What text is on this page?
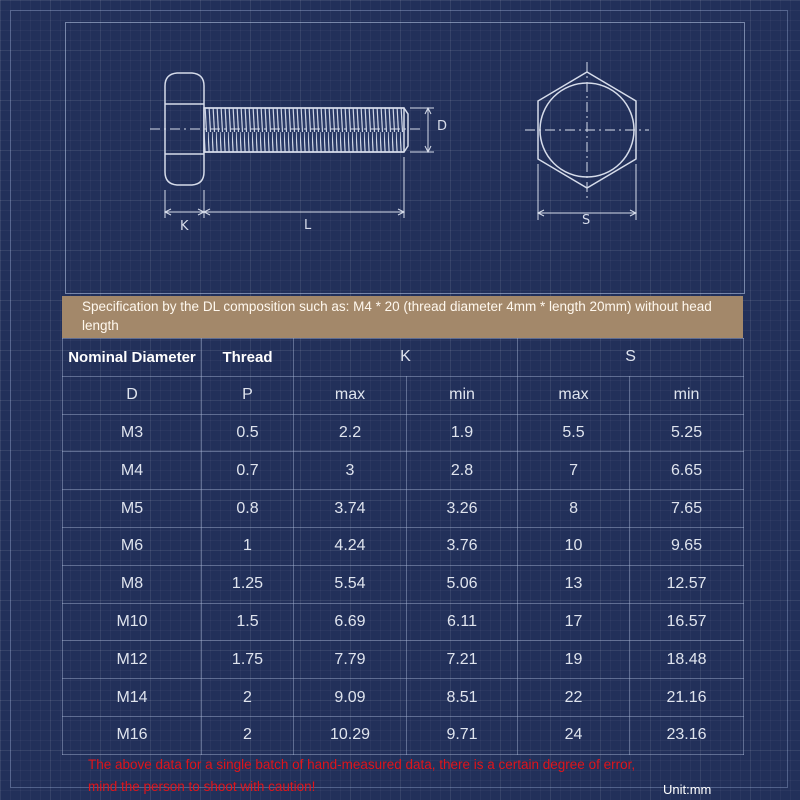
D
K	L	S
Specification by the DL composition such as: M4 * 20 (thread diameter 4mm * length 20mm) without head length
Nominal Diameter	Thread	K		S	
D	P	max	min	max	min
M3	0.5	2.2	1.9	5.5	5.25
M4	0.7	3	2.8	7	6.65
M5	0.8	3.74	3.26	8	7.65
M6	1	4.24	3.76	10	9.65
M8	1.25	5.54	5.06	13	12.57
M10	1.5	6.69	6.11	17	16.57
M12	1.75	7.79	7.21	19	18.48
M14	2	9.09	8.51	22	21.16
M16	2	10.29	9.71	24	23.16
The above data for a single batch of hand-measured data, there is a certain degree of error,
mind the person to shoot with caution!	Unit:mm
